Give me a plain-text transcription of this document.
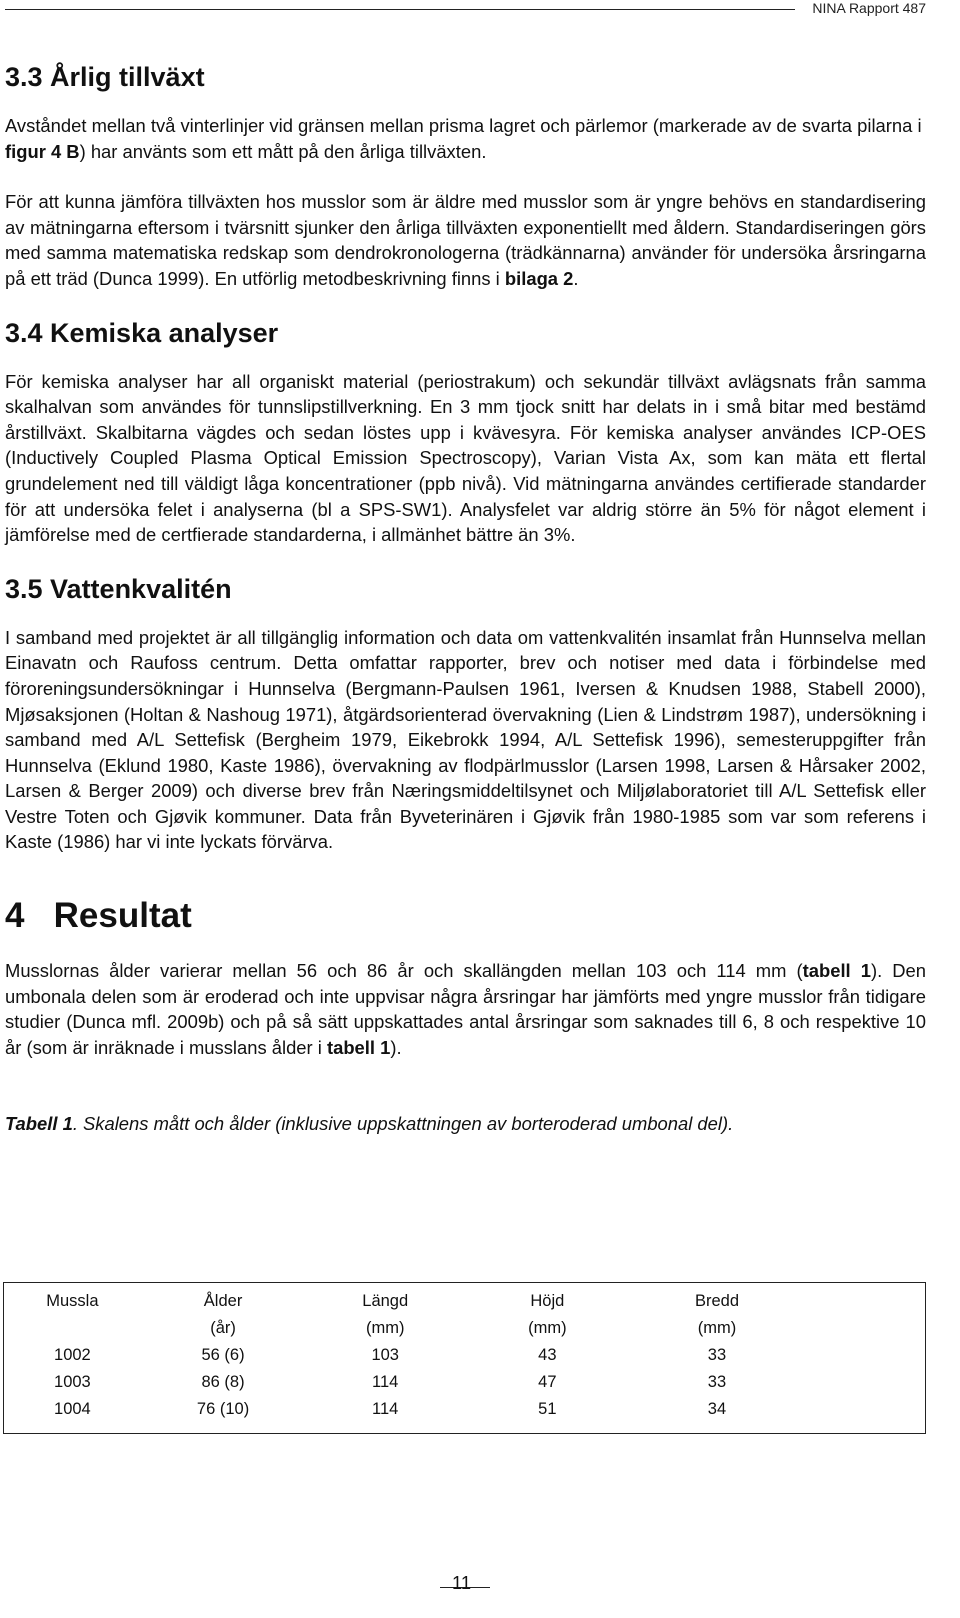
NINA Rapport 487
3.3 Årlig tillväxt

Avståndet mellan två vinterlinjer vid gränsen mellan prisma lagret och pärlemor (markerade av de svarta pilarna i figur 4 B) har använts som ett mått på den årliga tillväxten.

För att kunna jämföra tillväxten hos musslor som är äldre med musslor som är yngre behövs en standardisering av mätningarna eftersom i tvärsnitt sjunker den årliga tillväxten exponentiellt med åldern. Standardiseringen görs med samma matematiska redskap som dendrokronologerna (trädkännarna) använder för undersöka årsringarna på ett träd (Dunca 1999). En utförlig metodbeskrivning finns i bilaga 2.

3.4 Kemiska analyser

För kemiska analyser har all organiskt material (periostrakum) och sekundär tillväxt avlägsnats från samma skalhalvan som användes för tunnslipstillverkning. En 3 mm tjock snitt har delats in i små bitar med bestämd årstillväxt. Skalbitarna vägdes och sedan löstes upp i kvävesyra. För kemiska analyser användes ICP-OES (Inductively Coupled Plasma Optical Emission Spectroscopy), Varian Vista Ax, som kan mäta ett flertal grundelement ned till väldigt låga koncentrationer (ppb nivå). Vid mätningarna användes certifierade standarder för att undersöka felet i analyserna (bl a SPS-SW1). Analysfelet var aldrig större än 5% för något element i jämförelse med de certfierade standarderna, i allmänhet bättre än 3%.

3.5 Vattenkvalitén

I samband med projektet är all tillgänglig information och data om vattenkvalitén insamlat från Hunnselva mellan Einavatn och Raufoss centrum. Detta omfattar rapporter, brev och notiser med data i förbindelse med föroreningsundersökningar i Hunnselva (Bergmann-Paulsen 1961, Iversen & Knudsen 1988, Stabell 2000), Mjøsaksjonen (Holtan & Nashoug 1971), åtgärdsorienterad övervakning (Lien & Lindstrøm 1987), undersökning i samband med A/L Settefisk (Bergheim 1979, Eikebrokk 1994, A/L Settefisk 1996), semesteruppgifter från Hunnselva (Eklund 1980, Kaste 1986), övervakning av flodpärlmusslor (Larsen 1998, Larsen & Hårsaker 2002, Larsen & Berger 2009) och diverse brev från Næringsmiddeltilsynet och Miljølaboratoriet till A/L Settefisk eller Vestre Toten och Gjøvik kommuner. Data från Byveterinären i Gjøvik från 1980-1985 som var som referens i Kaste (1986) har vi inte lyckats förvärva.

4   Resultat

Musslornas ålder varierar mellan 56 och 86 år och skallängden mellan 103 och 114 mm (tabell 1). Den umbonala delen som är eroderad och inte uppvisar några årsringar har jämförts med yngre musslor från tidigare studier (Dunca mfl. 2009b) och på så sätt uppskattades antal årsringar som saknades till 6, 8 och respektive 10 år (som är inräknade i musslans ålder i tabell 1).

Tabell 1. Skalens mått och ålder (inklusive uppskattningen av borteroderad umbonal del).
Mussla	Ålder	Längd	Höjd	Bredd	
	(år)	(mm)	(mm)	(mm)	
1002	56 (6)	103	43	33	
1003	86 (8)	114	47	33	
1004	76 (10)	114	51	34	
11
